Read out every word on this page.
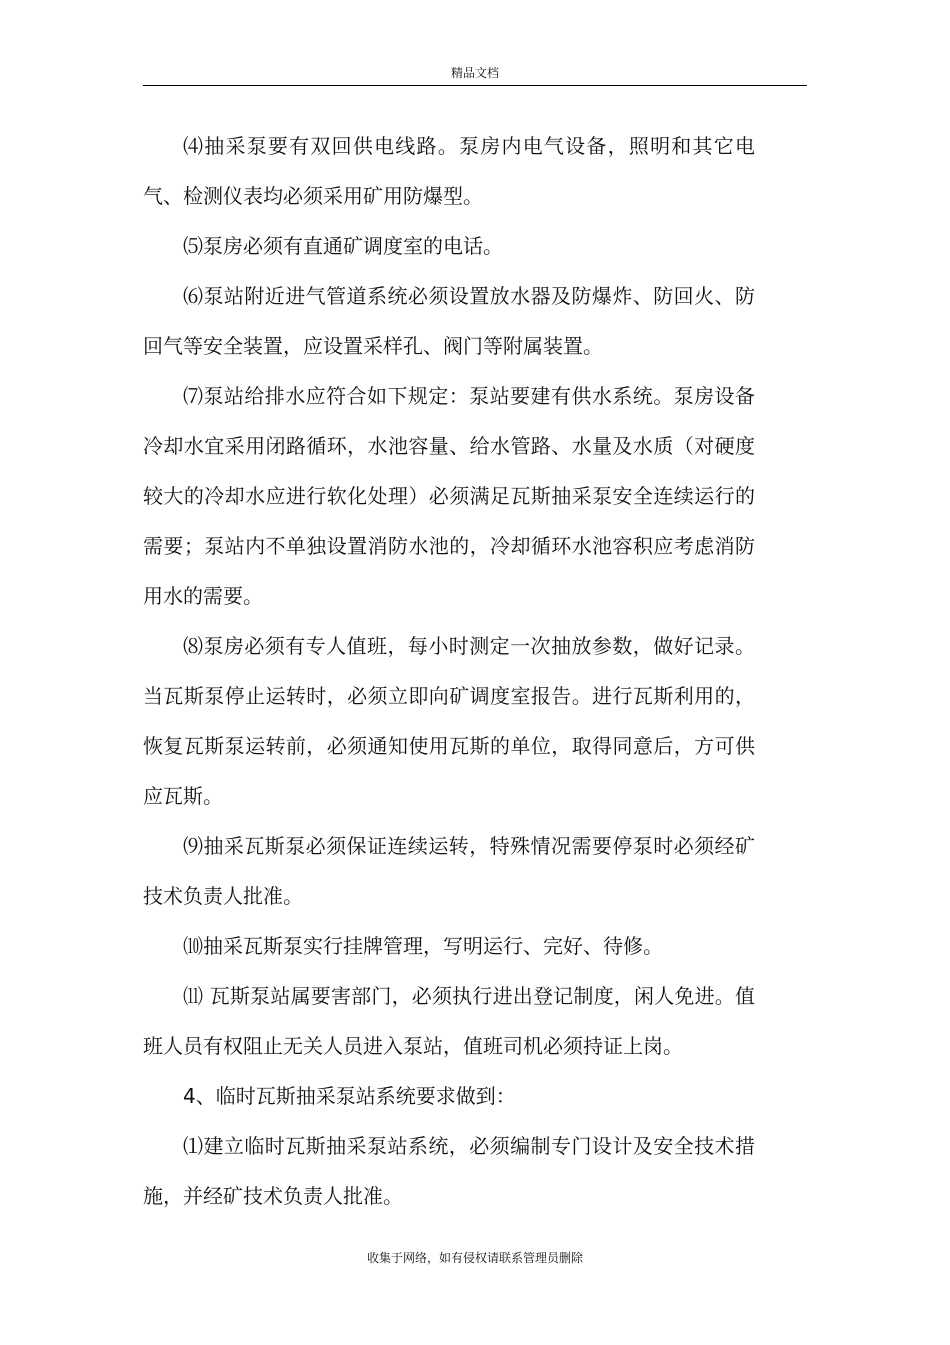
精品文档

⑷抽采泵要有双回供电线路。泵房内电气设备，照明和其它电气、检测仪表均必须采用矿用防爆型。

⑸泵房必须有直通矿调度室的电话。

⑹泵站附近进气管道系统必须设置放水器及防爆炸、防回火、防回气等安全装置，应设置采样孔、阀门等附属装置。

⑺泵站给排水应符合如下规定：泵站要建有供水系统。泵房设备冷却水宜采用闭路循环，水池容量、给水管路、水量及水质（对硬度较大的冷却水应进行软化处理）必须满足瓦斯抽采泵安全连续运行的需要；泵站内不单独设置消防水池的，冷却循环水池容积应考虑消防用水的需要。

⑻泵房必须有专人值班，每小时测定一次抽放参数，做好记录。当瓦斯泵停止运转时，必须立即向矿调度室报告。进行瓦斯利用的，恢复瓦斯泵运转前，必须通知使用瓦斯的单位，取得同意后，方可供应瓦斯。

⑼抽采瓦斯泵必须保证连续运转，特殊情况需要停泵时必须经矿技术负责人批准。

⑽抽采瓦斯泵实行挂牌管理，写明运行、完好、待修。

⑾ 瓦斯泵站属要害部门，必须执行进出登记制度，闲人免进。值班人员有权阻止无关人员进入泵站，值班司机必须持证上岗。

4、临时瓦斯抽采泵站系统要求做到：

⑴建立临时瓦斯抽采泵站系统，必须编制专门设计及安全技术措施，并经矿技术负责人批准。

收集于网络，如有侵权请联系管理员删除
